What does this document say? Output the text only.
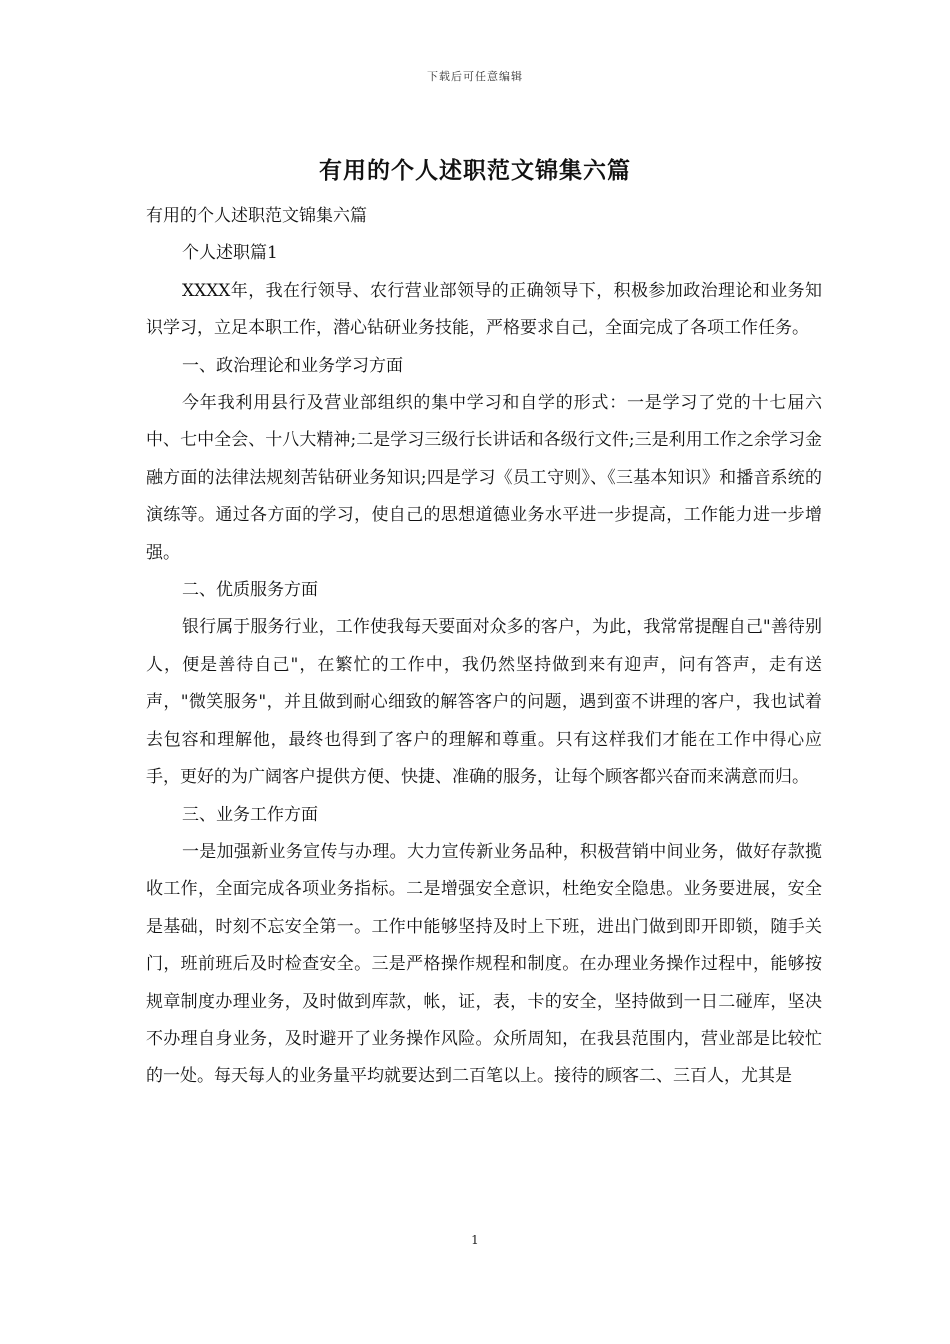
下载后可任意编辑
有用的个人述职范文锦集六篇

有用的个人述职范文锦集六篇

个人述职篇1

XXXX年，我在行领导、农行营业部领导的正确领导下，积极参加政治理论和业务知识学习，立足本职工作，潜心钻研业务技能，严格要求自己，全面完成了各项工作任务。

一、政治理论和业务学习方面

今年我利用县行及营业部组织的集中学习和自学的形式：一是学习了党的十七届六中、七中全会、十八大精神;二是学习三级行长讲话和各级行文件;三是利用工作之余学习金融方面的法律法规刻苦钻研业务知识;四是学习《员工守则》、《三基本知识》和播音系统的演练等。通过各方面的学习，使自己的思想道德业务水平进一步提高，工作能力进一步增强。

二、优质服务方面

银行属于服务行业，工作使我每天要面对众多的客户，为此，我常常提醒自己"善待别人，便是善待自己"，在繁忙的工作中，我仍然坚持做到来有迎声，问有答声，走有送声，"微笑服务"，并且做到耐心细致的解答客户的问题，遇到蛮不讲理的客户，我也试着去包容和理解他，最终也得到了客户的理解和尊重。只有这样我们才能在工作中得心应手，更好的为广阔客户提供方便、快捷、准确的服务，让每个顾客都兴奋而来满意而归。

三、业务工作方面

一是加强新业务宣传与办理。大力宣传新业务品种，积极营销中间业务，做好存款揽收工作，全面完成各项业务指标。二是增强安全意识，杜绝安全隐患。业务要进展，安全是基础，时刻不忘安全第一。工作中能够坚持及时上下班，进出门做到即开即锁，随手关门，班前班后及时检查安全。三是严格操作规程和制度。在办理业务操作过程中，能够按规章制度办理业务，及时做到库款，帐，证，表，卡的安全，坚持做到一日二碰库，坚决不办理自身业务，及时避开了业务操作风险。众所周知，在我县范围内，营业部是比较忙的一处。每天每人的业务量平均就要达到二百笔以上。接待的顾客二、三百人，尤其是

1
